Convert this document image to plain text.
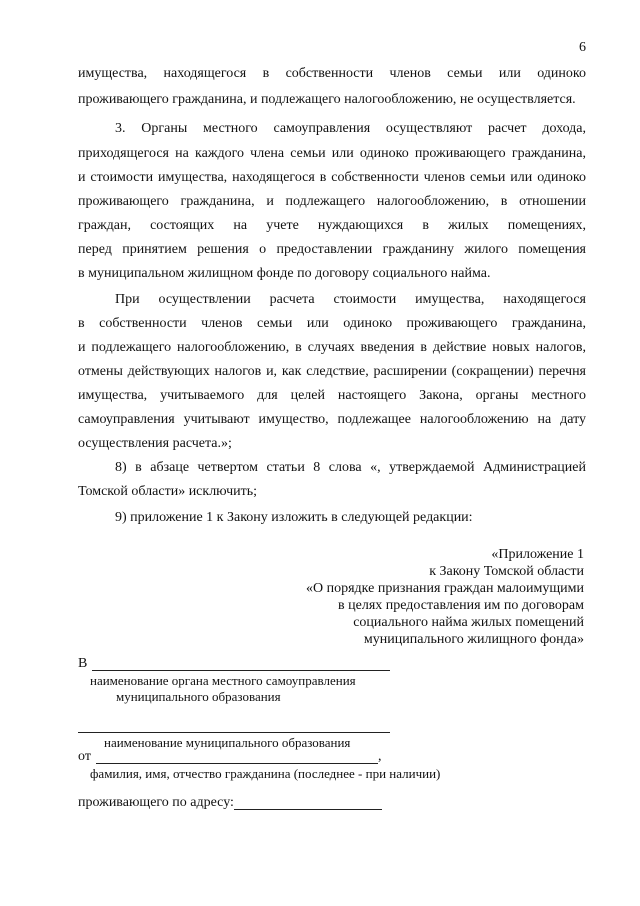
6
имущества, находящегося в собственности членов семьи или одиноко
проживающего гражданина, и подлежащего налогообложению, не осуществляется.
3. Органы местного самоуправления осуществляют расчет дохода,
приходящегося на каждого члена семьи или одиноко проживающего гражданина,
и стоимости имущества, находящегося в собственности членов семьи или одиноко
проживающего гражданина, и подлежащего налогообложению, в отношении
граждан, состоящих на учете нуждающихся в жилых помещениях,
перед принятием решения о предоставлении гражданину жилого помещения
в муниципальном жилищном фонде по договору социального найма.
При осуществлении расчета стоимости имущества, находящегося
в собственности членов семьи или одиноко проживающего гражданина,
и подлежащего налогообложению, в случаях введения в действие новых налогов,
отмены действующих налогов и, как следствие, расширении (сокращении) перечня
имущества, учитываемого для целей настоящего Закона, органы местного
самоуправления учитывают имущество, подлежащее налогообложению на дату
осуществления расчета.»;
8) в абзаце четвертом статьи 8 слова «, утверждаемой Администрацией
Томской области» исключить;
9) приложение 1 к Закону изложить в следующей редакции:
«Приложение 1
к Закону Томской области
«О порядке признания граждан малоимущими
в целях предоставления им по договорам
социального найма жилых помещений
муниципального жилищного фонда»
В
наименование органа местного самоуправления
муниципального образования
наименование муниципального образования
от	,
фамилия, имя, отчество гражданина (последнее - при наличии)
проживающего по адресу:
